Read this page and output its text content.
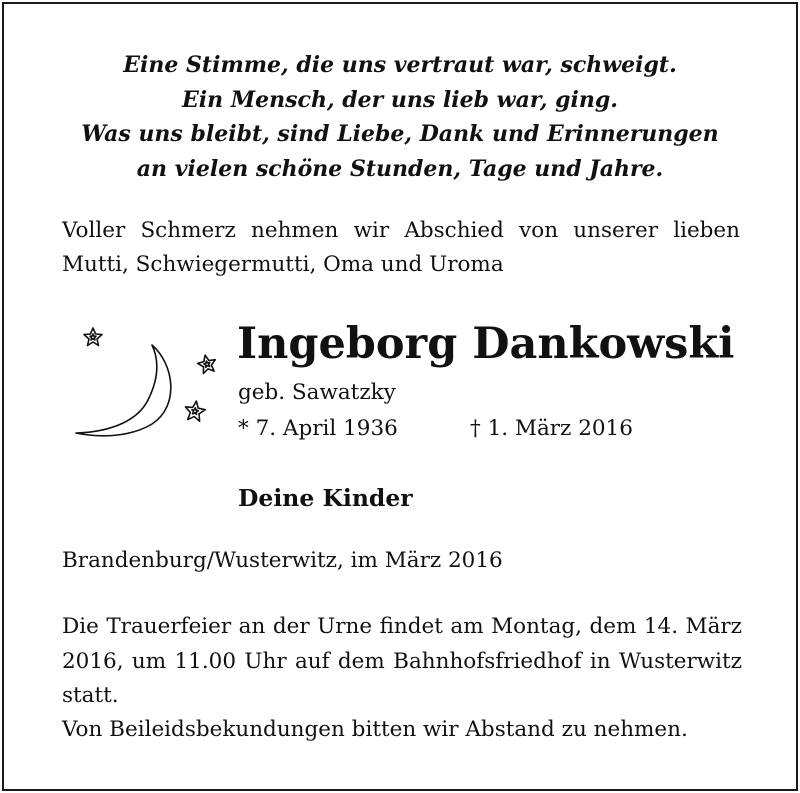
Eine Stimme, die uns vertraut war, schweigt.
Ein Mensch, der uns lieb war, ging.
Was uns bleibt, sind Liebe, Dank und Erinnerungen
an vielen schöne Stunden, Tage und Jahre.
Voller Schmerz nehmen wir Abschied von unserer lieben Mutti, Schwiegermutti, Oma und Uroma
Ingeborg Dankowski
geb. Sawatzky
* 7. April 1936	† 1. März 2016
Deine Kinder
Brandenburg/Wusterwitz, im März 2016
Die Trauerfeier an der Urne findet am Montag, dem 14. März 2016, um 11.00 Uhr auf dem Bahnhofsfriedhof in Wusterwitz statt.
Von Beileidsbekundungen bitten wir Abstand zu nehmen.
